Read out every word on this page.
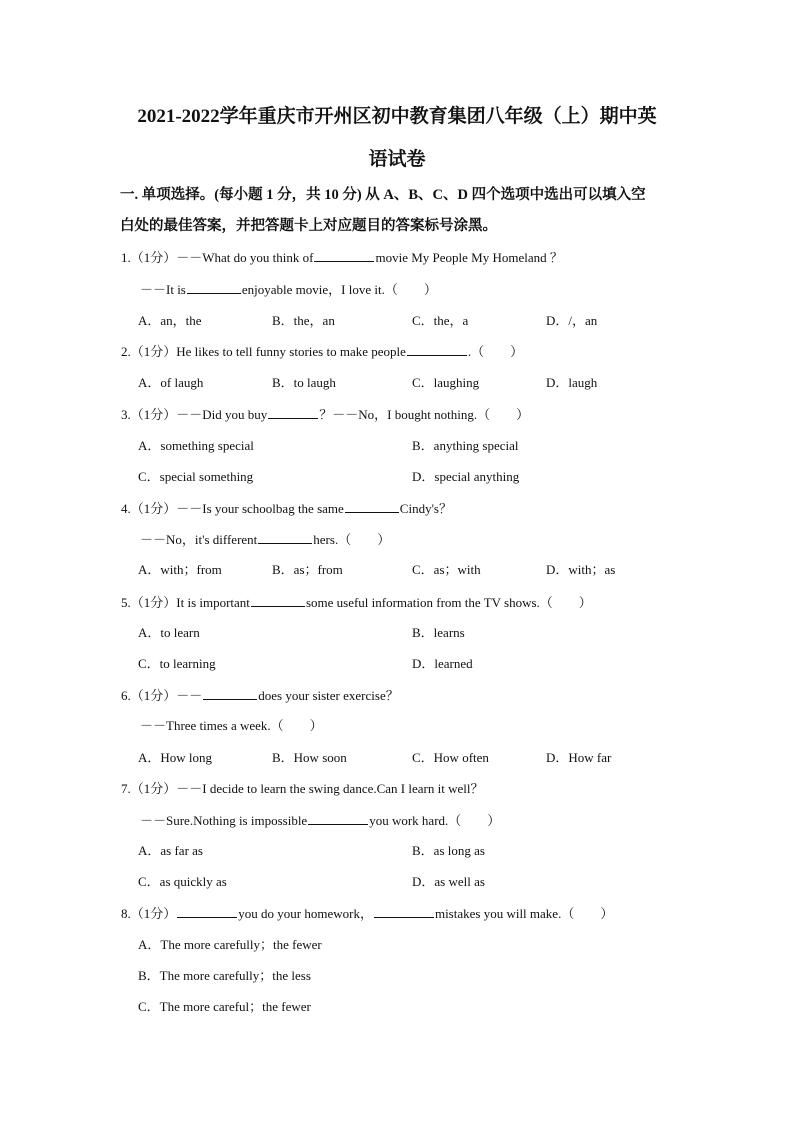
2021-2022学年重庆市开州区初中教育集团八年级（上）期中英
语试卷
一. 单项选择。(每小题 1 分，共 10 分) 从 A、B、C、D 四个选项中选出可以填入空
白处的最佳答案，并把答题卡上对应题目的答案标号涂黑。
1.（1分）－－What do you think of	movie My People My Homeland ？
－－It is	enjoyable movie，I love it.（　　）
A．an，the	B．the，an	C．the，a	D．/，an
2.（1分）He likes to tell funny stories to make people	.（　　）
A．of laugh	B．to laugh	C．laughing	D．laugh
3.（1分）－－Did you buy	？－－No，I bought nothing.（　　）
A．something special	B．anything special
C．special something	D．special anything
4.（1分）－－Is your schoolbag the same	Cindy's？
－－No，it's different	hers.（　　）
A．with；from	B．as；from	C．as；with	D．with；as
5.（1分）It is important	some useful information from the TV shows.（　　）
A．to learn	B．learns
C．to learning	D．learned
6.（1分）－－	does your sister exercise？
－－Three times a week.（　　）
A．How long	B．How soon	C．How often	D．How far
7.（1分）－－I decide to learn the swing dance.Can I learn it well？
－－Sure.Nothing is impossible	you work hard.（　　）
A．as far as	B．as long as
C．as quickly as	D．as well as
8.（1分）	you do your homework，	mistakes you will make.（　　）
A．The more carefully；the fewer
B．The more carefully；the less
C．The more careful；the fewer
